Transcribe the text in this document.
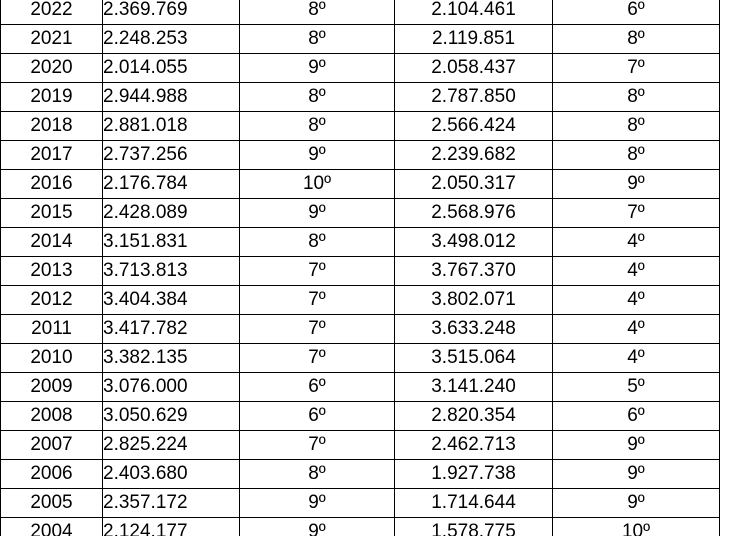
2022	2.369.769	8º	2.104.461	6º
2021	2.248.253	8º	2.119.851	8º
2020	2.014.055	9º	2.058.437	7º
2019	2.944.988	8º	2.787.850	8º
2018	2.881.018	8º	2.566.424	8º
2017	2.737.256	9º	2.239.682	8º
2016	2.176.784	10º	2.050.317	9º
2015	2.428.089	9º	2.568.976	7º
2014	3.151.831	8º	3.498.012	4º
2013	3.713.813	7º	3.767.370	4º
2012	3.404.384	7º	3.802.071	4º
2011	3.417.782	7º	3.633.248	4º
2010	3.382.135	7º	3.515.064	4º
2009	3.076.000	6º	3.141.240	5º
2008	3.050.629	6º	2.820.354	6º
2007	2.825.224	7º	2.462.713	9º
2006	2.403.680	8º	1.927.738	9º
2005	2.357.172	9º	1.714.644	9º
2004	2.124.177	9º	1.578.775	10º
